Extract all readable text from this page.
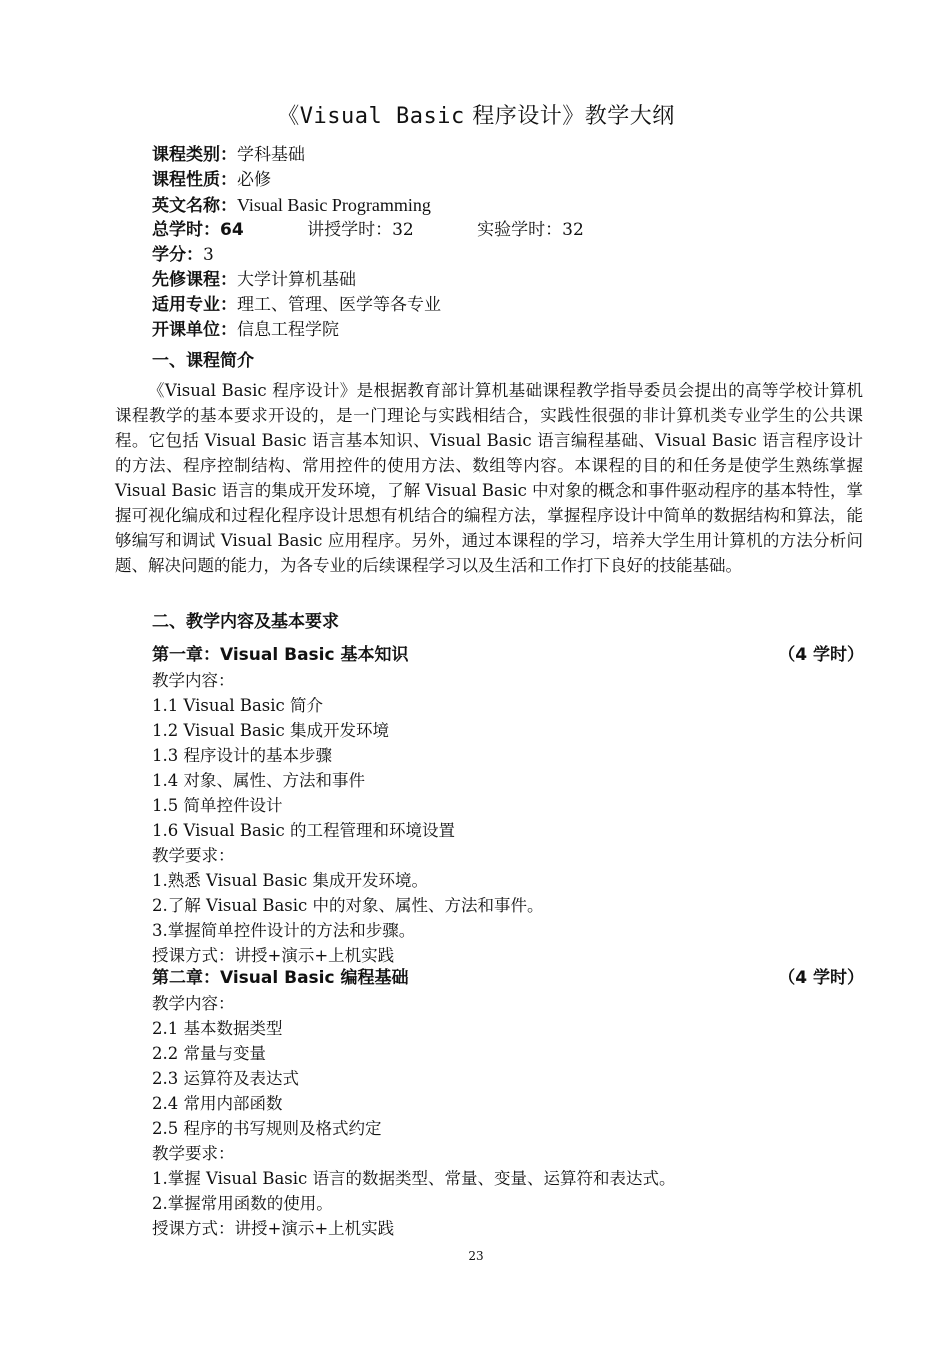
《Visual Basic 程序设计》教学大纲
课程类别：学科基础
课程性质：必修
英文名称：Visual Basic Programming
总学时：64	讲授学时：32	实验学时：32
学分：3
先修课程：大学计算机基础
适用专业：理工、管理、医学等各专业
开课单位：信息工程学院
一、课程简介
《Visual Basic 程序设计》是根据教育部计算机基础课程教学指导委员会提出的高等学校计算机课程教学的基本要求开设的，是一门理论与实践相结合，实践性很强的非计算机类专业学生的公共课程。它包括 Visual Basic 语言基本知识、Visual Basic 语言编程基础、Visual Basic 语言程序设计的方法、程序控制结构、常用控件的使用方法、数组等内容。本课程的目的和任务是使学生熟练掌握 Visual Basic 语言的集成开发环境，了解 Visual Basic 中对象的概念和事件驱动程序的基本特性，掌握可视化编成和过程化程序设计思想有机结合的编程方法，掌握程序设计中简单的数据结构和算法，能够编写和调试 Visual Basic 应用程序。另外，通过本课程的学习，培养大学生用计算机的方法分析问题、解决问题的能力，为各专业的后续课程学习以及生活和工作打下良好的技能基础。
二、教学内容及基本要求
第一章：Visual Basic 基本知识	（4 学时）
教学内容：
1.1 Visual Basic 简介
1.2 Visual Basic 集成开发环境
1.3 程序设计的基本步骤
1.4 对象、属性、方法和事件
1.5 简单控件设计
1.6 Visual Basic 的工程管理和环境设置
教学要求：
1.熟悉 Visual Basic 集成开发环境。
2.了解 Visual Basic 中的对象、属性、方法和事件。
3.掌握简单控件设计的方法和步骤。
授课方式：讲授+演示+上机实践
第二章：Visual Basic 编程基础	（4 学时）
教学内容：
2.1 基本数据类型
2.2 常量与变量
2.3 运算符及表达式
2.4 常用内部函数
2.5 程序的书写规则及格式约定
教学要求：
1.掌握 Visual Basic 语言的数据类型、常量、变量、运算符和表达式。
2.掌握常用函数的使用。
授课方式：讲授+演示+上机实践
23
